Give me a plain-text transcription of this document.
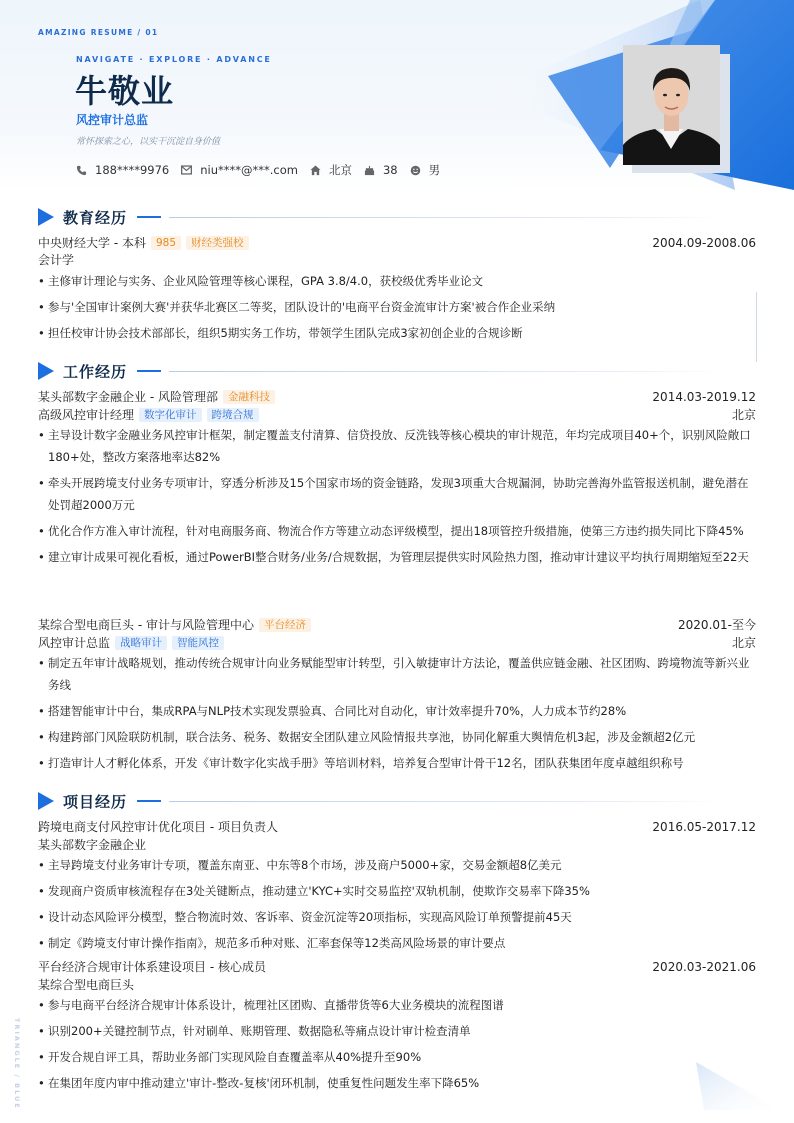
AMAZING RESUME / 01
NAVIGATE · EXPLORE · ADVANCE
牛敬业
风控审计总监
常怀探索之心，以实干沉淀自身价值
188****9976	niu****@***.com	北京	38	男
教育经历
中央财经大学 - 本科 985	财经类强校	2004.09-2008.06
会计学
• 主修审计理论与实务、企业风险管理等核心课程，GPA 3.8/4.0，获校级优秀毕业论文
• 参与'全国审计案例大赛'并获华北赛区二等奖，团队设计的'电商平台资金流审计方案'被合作企业采纳
• 担任校审计协会技术部部长，组织5期实务工作坊，带领学生团队完成3家初创企业的合规诊断
工作经历
某头部数字金融企业 - 风险管理部 金融科技	2014.03-2019.12
高级风控审计经理 数字化审计	跨境合规	北京
• 主导设计数字金融业务风控审计框架，制定覆盖支付清算、信贷投放、反洗钱等核心模块的审计规范，年均完成项目40+个，识别风险敞口180+处，整改方案落地率达82%
• 牵头开展跨境支付业务专项审计，穿透分析涉及15个国家市场的资金链路，发现3项重大合规漏洞，协助完善海外监管报送机制，避免潜在处罚超2000万元
• 优化合作方准入审计流程，针对电商服务商、物流合作方等建立动态评级模型，提出18项管控升级措施，使第三方违约损失同比下降45%
• 建立审计成果可视化看板，通过PowerBI整合财务/业务/合规数据，为管理层提供实时风险热力图，推动审计建议平均执行周期缩短至22天
某综合型电商巨头 - 审计与风险管理中心 平台经济	2020.01-至今
风控审计总监 战略审计	智能风控	北京
• 制定五年审计战略规划，推动传统合规审计向业务赋能型审计转型，引入敏捷审计方法论，覆盖供应链金融、社区团购、跨境物流等新兴业务线
• 搭建智能审计中台，集成RPA与NLP技术实现发票验真、合同比对自动化，审计效率提升70%，人力成本节约28%
• 构建跨部门风险联防机制，联合法务、税务、数据安全团队建立风险情报共享池，协同化解重大舆情危机3起，涉及金额超2亿元
• 打造审计人才孵化体系，开发《审计数字化实战手册》等培训材料，培养复合型审计骨干12名，团队获集团年度卓越组织称号
项目经历
跨境电商支付风控审计优化项目 - 项目负责人	2016.05-2017.12
某头部数字金融企业
• 主导跨境支付业务审计专项，覆盖东南亚、中东等8个市场，涉及商户5000+家，交易金额超8亿美元
• 发现商户资质审核流程存在3处关键断点，推动建立'KYC+实时交易监控'双轨机制，使欺诈交易率下降35%
• 设计动态风险评分模型，整合物流时效、客诉率、资金沉淀等20项指标，实现高风险订单预警提前45天
• 制定《跨境支付审计操作指南》，规范多币种对账、汇率套保等12类高风险场景的审计要点
平台经济合规审计体系建设项目 - 核心成员	2020.03-2021.06
某综合型电商巨头
• 参与电商平台经济合规审计体系设计，梳理社区团购、直播带货等6大业务模块的流程图谱
• 识别200+关键控制节点，针对刷单、账期管理、数据隐私等痛点设计审计检查清单
• 开发合规自评工具，帮助业务部门实现风险自查覆盖率从40%提升至90%
• 在集团年度内审中推动建立'审计-整改-复核'闭环机制，使重复性问题发生率下降65%
TRIANGLE / BLUE
